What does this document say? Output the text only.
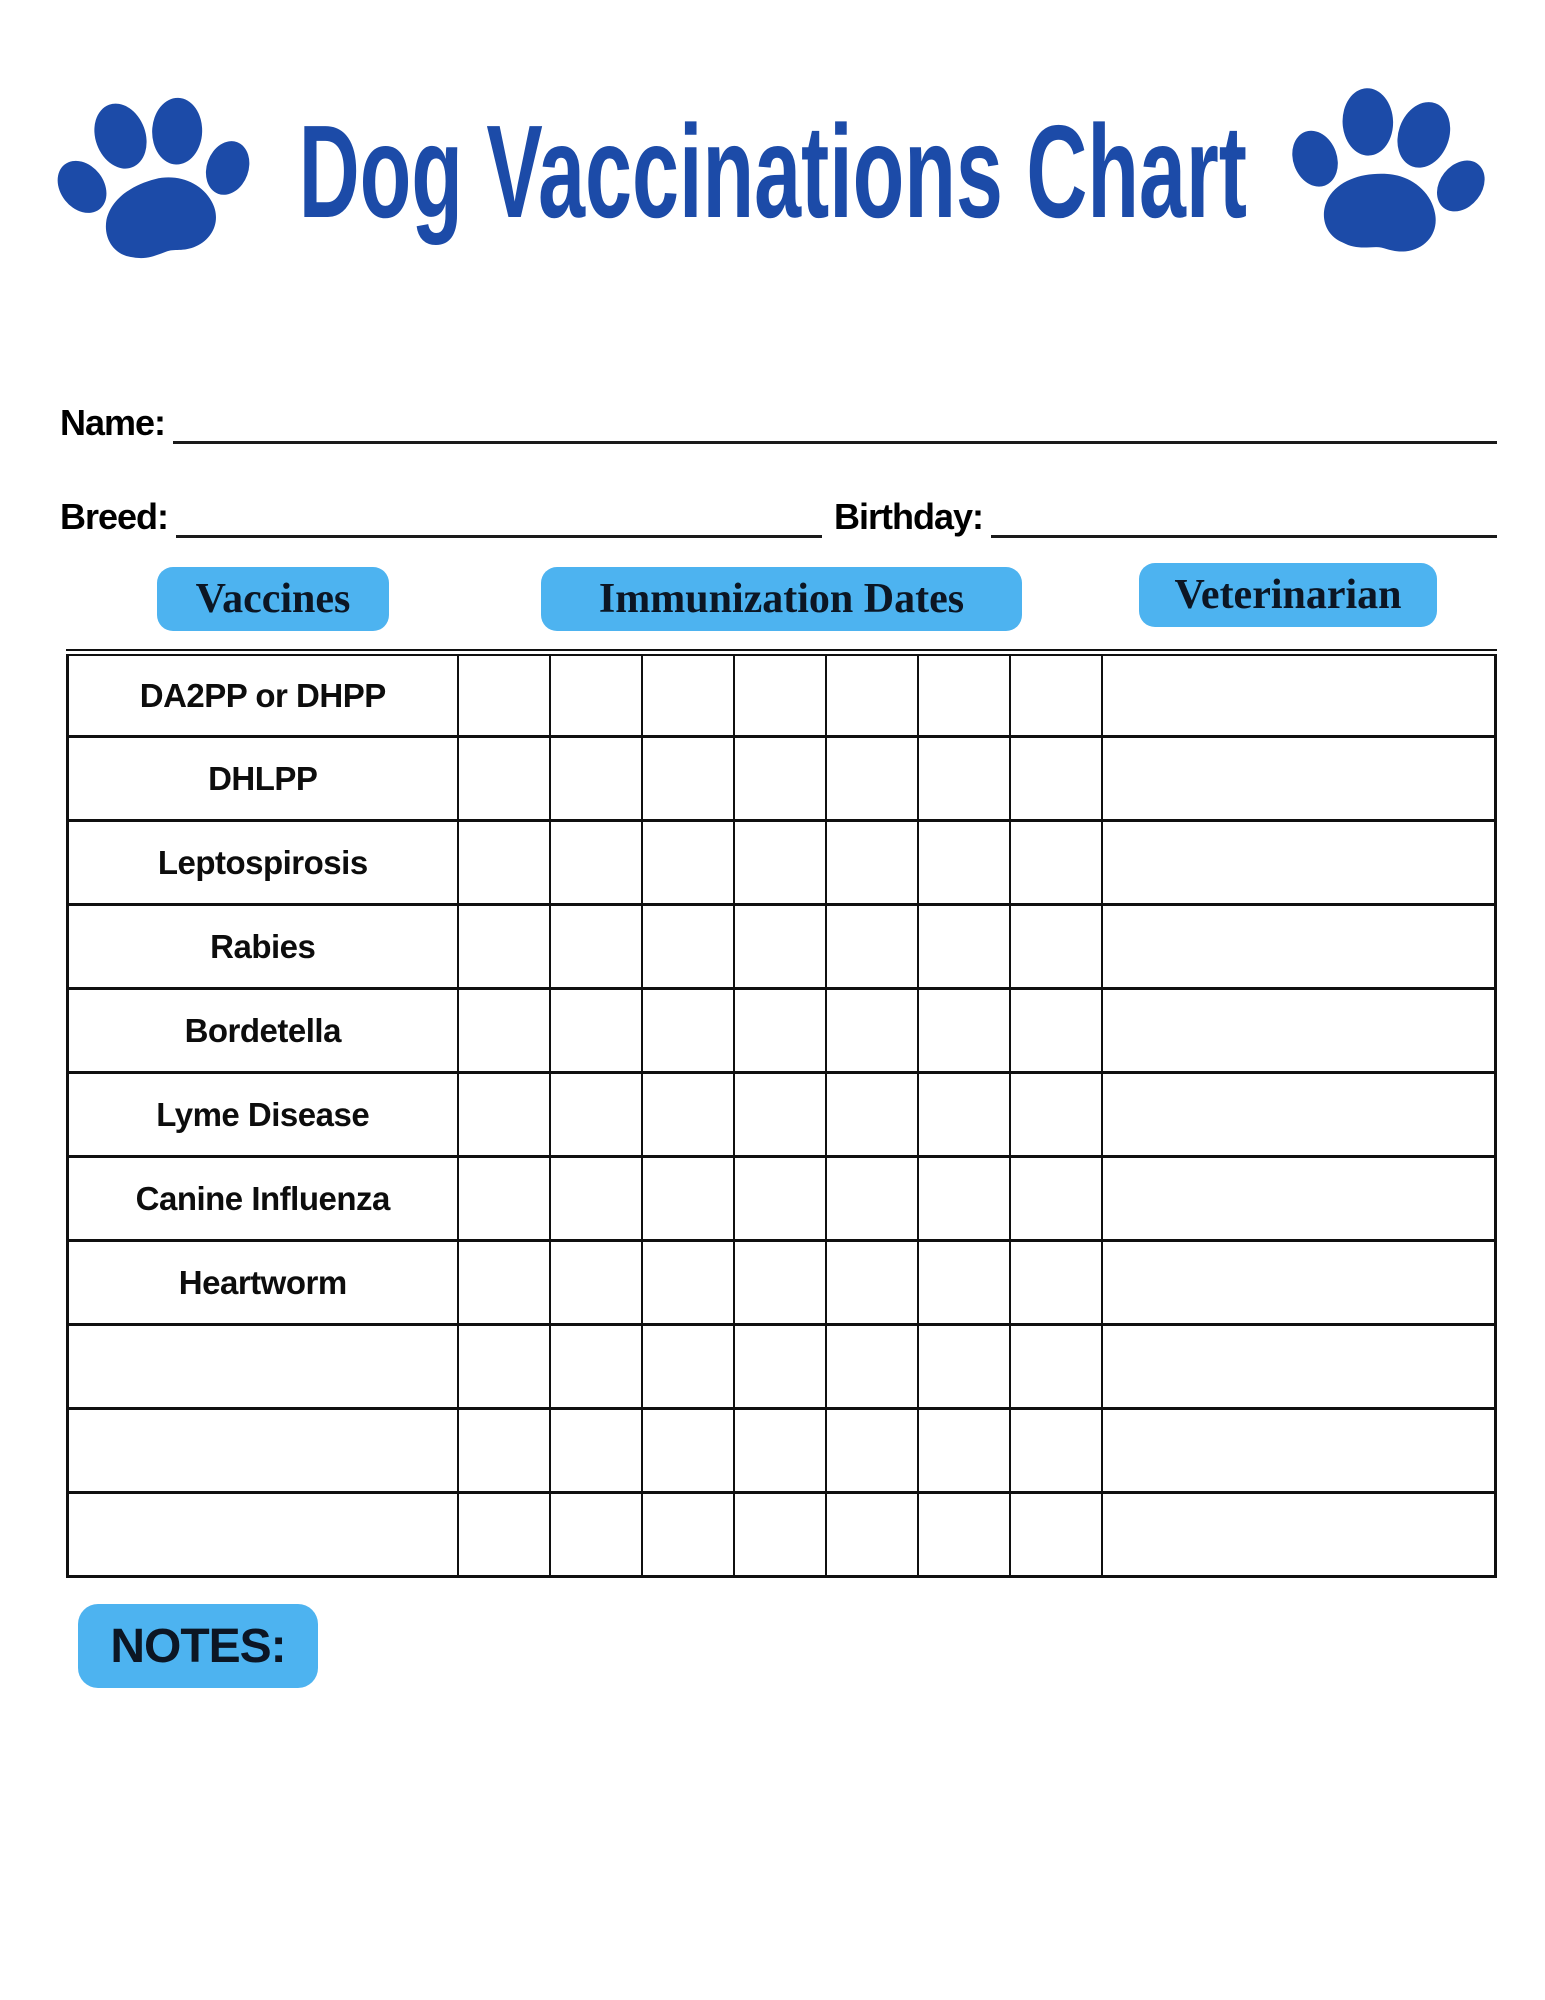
Dog Vaccinations Chart
Name:
Breed:	Birthday:
Vaccines	Immunization Dates	Veterinarian
DA2PP or DHPP								
DHLPP								
Leptospirosis								
Rabies								
Bordetella								
Lyme Disease								
Canine Influenza								
Heartworm								

NOTES:
